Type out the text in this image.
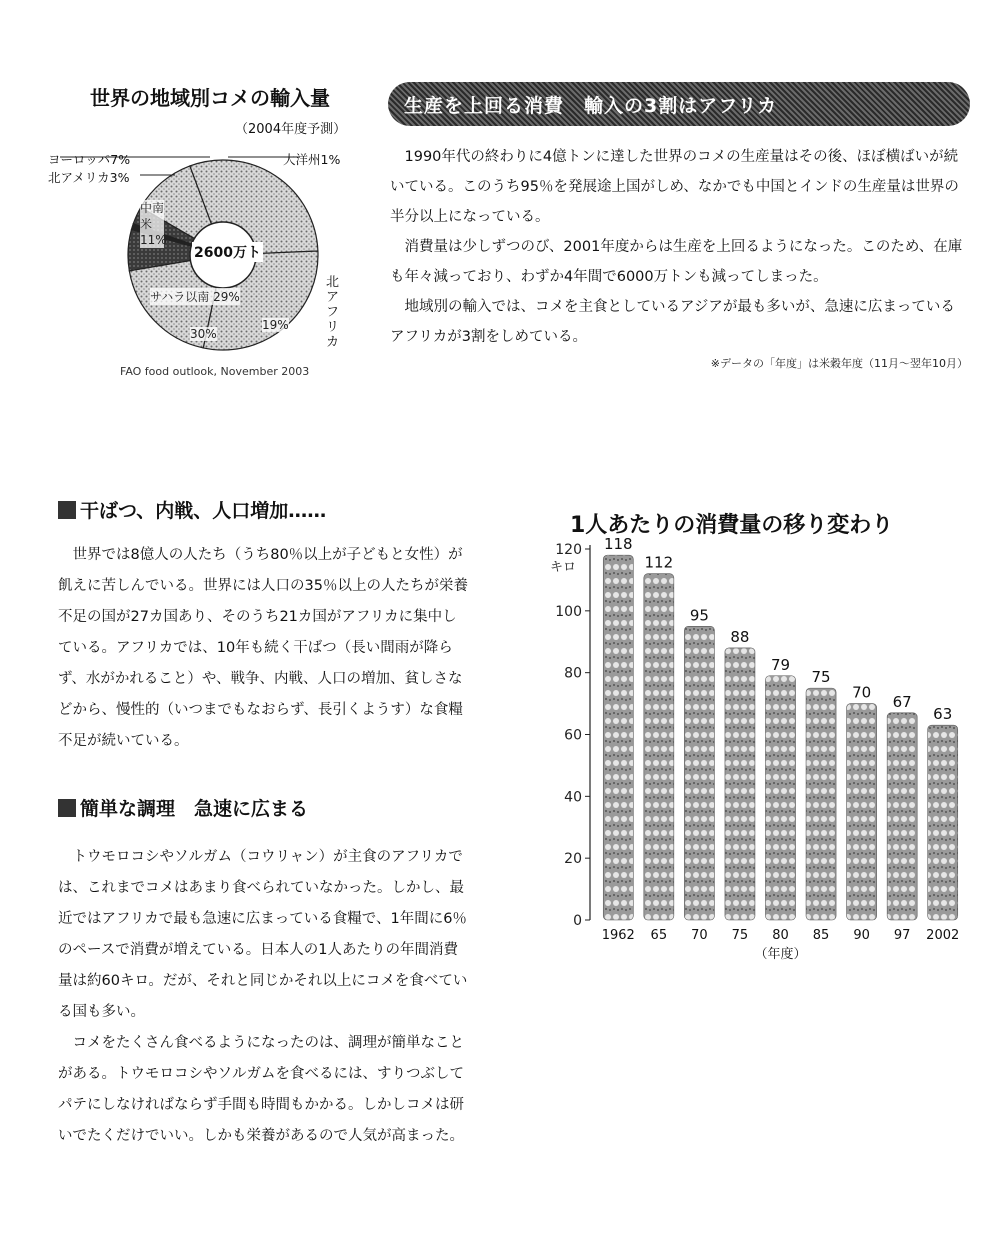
世界の地域別コメの輸入量
（2004年度予測）
2600万ト
ヨーロッパ7%
北アメリカ3%
大洋州1%
北アフリカ
中南米 11%
30%
サハラ以南 29%
19%
FAO food outlook, November 2003
生産を上回る消費　輸入の3割はアフリカ

1990年代の終わりに4億トンに達した世界のコメの生産量はその後、ほぼ横ばいが続いている。このうち95％を発展途上国がしめ、なかでも中国とインドの生産量は世界の半分以上になっている。

消費量は少しずつのび、2001年度からは生産を上回るようになった。このため、在庫も年々減っており、わずか4年間で6000万トンも減ってしまった。

地域別の輸入では、コメを主食としているアジアが最も多いが、急速に広まっているアフリカが3割をしめている。

※データの「年度」は米穀年度（11月～翌年10月）
干ばつ、内戦、人口増加……

世界では8億人の人たち（うち80％以上が子どもと女性）が飢えに苦しんでいる。世界には人口の35％以上の人たちが栄養不足の国が27カ国あり、そのうち21カ国がアフリカに集中している。アフリカでは、10年も続く干ばつ（長い間雨が降らず、水がかれること）や、戦争、内戦、人口の増加、貧しさなどから、慢性的（いつまでもなおらず、長引くようす）な食糧不足が続いている。

簡単な調理　急速に広まる

トウモロコシやソルガム（コウリャン）が主食のアフリカでは、これまでコメはあまり食べられていなかった。しかし、最近ではアフリカで最も急速に広まっている食糧で、1年間に6％のペースで消費が増えている。日本人の1人あたりの年間消費量は約60キロ。だが、それと同じかそれ以上にコメを食べている国も多い。

コメをたくさん食べるようになったのは、調理が簡単なことがある。トウモロコシやソルガムを食べるには、すりつぶしてパテにしなければならず手間も時間もかかる。しかしコメは研いでたくだけでいい。しかも栄養があるので人気が高まった。

1人あたりの消費量の移り変わり
0
20
40
60
80
100
120
キロ
118
1962
112
65
95
70
88
75
79
80
75
85
70
90
67
97
63
2002
（年度）
